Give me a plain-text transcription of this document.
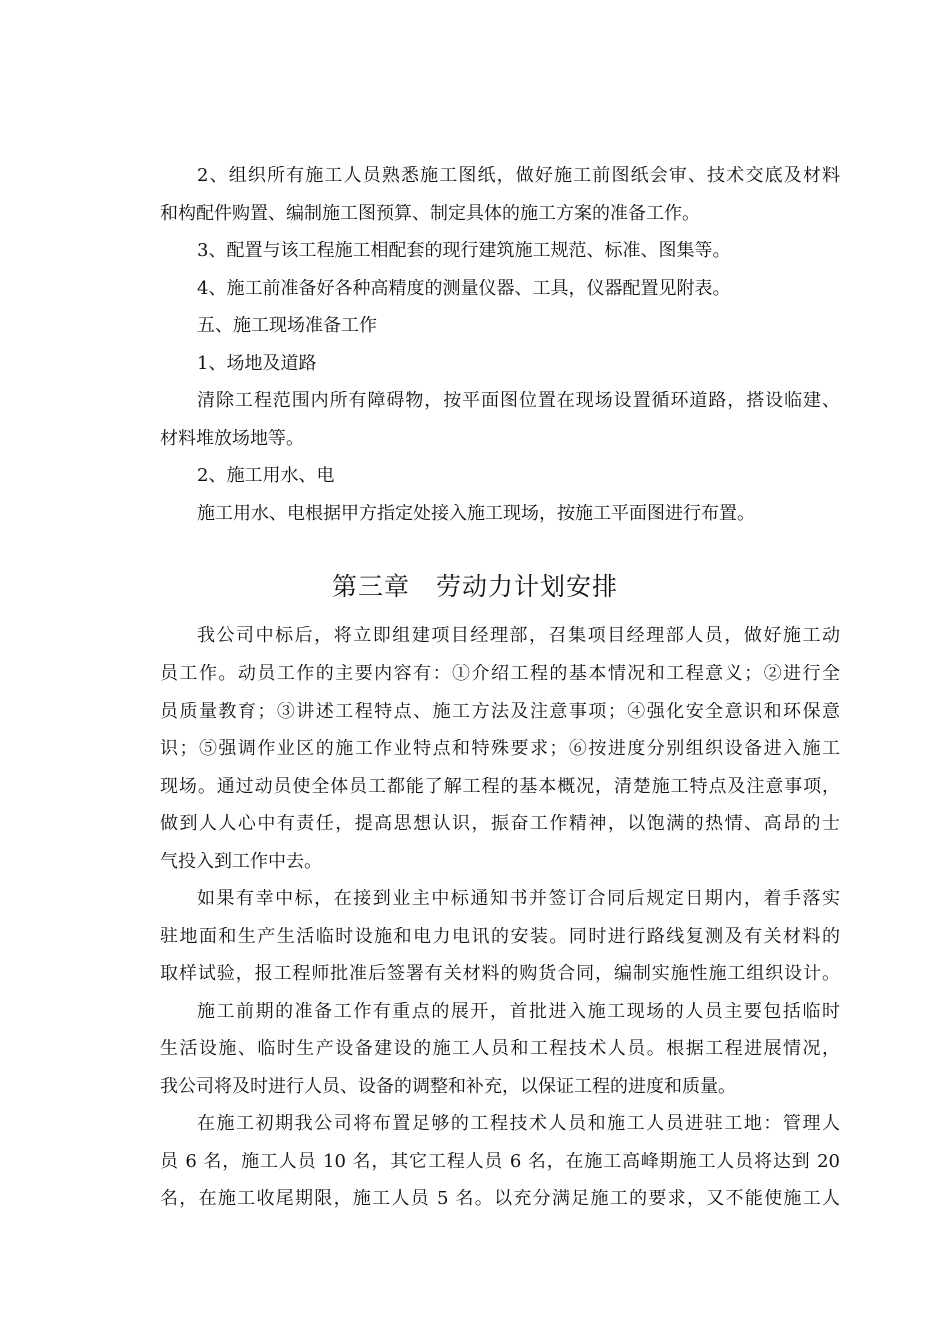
2、组织所有施工人员熟悉施工图纸，做好施工前图纸会审、技术交底及材料
和构配件购置、编制施工图预算、制定具体的施工方案的准备工作。
3、配置与该工程施工相配套的现行建筑施工规范、标准、图集等。
4、施工前准备好各种高精度的测量仪器、工具，仪器配置见附表。
五、施工现场准备工作
1、场地及道路
清除工程范围内所有障碍物，按平面图位置在现场设置循环道路，搭设临建、
材料堆放场地等。
2、施工用水、电
施工用水、电根据甲方指定处接入施工现场，按施工平面图进行布置。
第三章　劳动力计划安排
我公司中标后，将立即组建项目经理部，召集项目经理部人员，做好施工动
员工作。动员工作的主要内容有：①介绍工程的基本情况和工程意义；②进行全
员质量教育；③讲述工程特点、施工方法及注意事项；④强化安全意识和环保意
识；⑤强调作业区的施工作业特点和特殊要求；⑥按进度分别组织设备进入施工
现场。通过动员使全体员工都能了解工程的基本概况，清楚施工特点及注意事项，
做到人人心中有责任，提高思想认识，振奋工作精神，以饱满的热情、高昂的士
气投入到工作中去。
如果有幸中标，在接到业主中标通知书并签订合同后规定日期内，着手落实
驻地面和生产生活临时设施和电力电讯的安装。同时进行路线复测及有关材料的
取样试验，报工程师批准后签署有关材料的购货合同，编制实施性施工组织设计。
施工前期的准备工作有重点的展开，首批进入施工现场的人员主要包括临时
生活设施、临时生产设备建设的施工人员和工程技术人员。根据工程进展情况，
我公司将及时进行人员、设备的调整和补充，以保证工程的进度和质量。
在施工初期我公司将布置足够的工程技术人员和施工人员进驻工地：管理人
员 6 名，施工人员 10 名，其它工程人员 6 名，在施工高峰期施工人员将达到 20
名，在施工收尾期限，施工人员 5 名。以充分满足施工的要求，又不能使施工人
